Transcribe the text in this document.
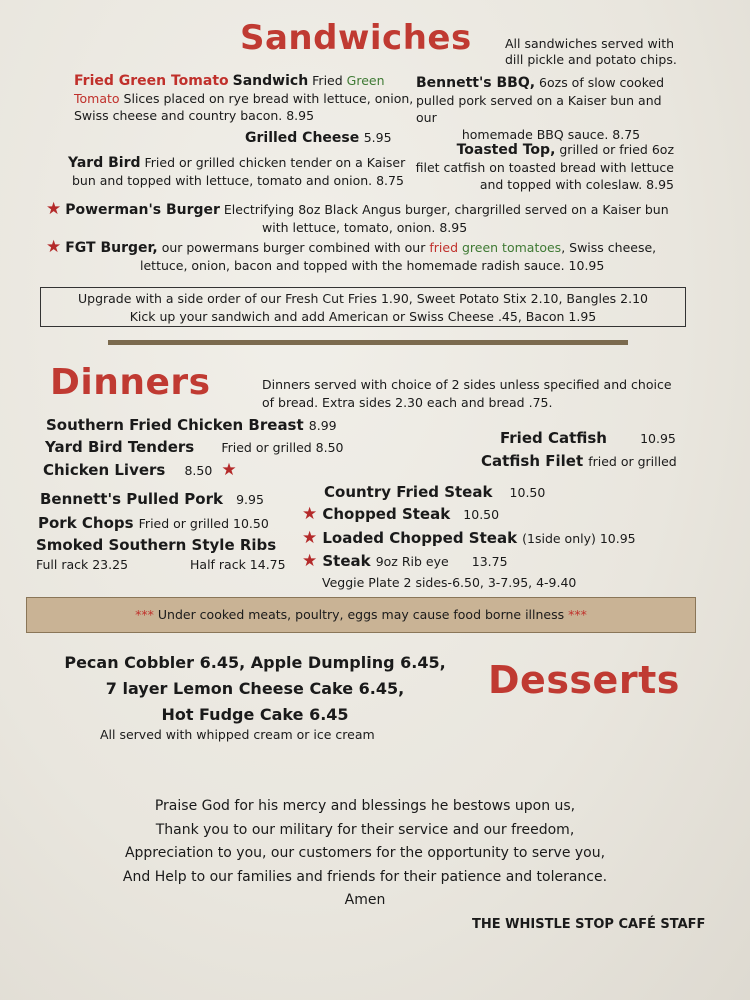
Sandwiches	All sandwiches served with
dill pickle and potato chips.
Fried Green Tomato Sandwich Fried Green
Tomato Slices placed on rye bread with lettuce, onion,
Swiss cheese and country bacon. 8.95
Bennett's BBQ, 6ozs of slow cooked
pulled pork served on a Kaiser bun and our
homemade BBQ sauce. 8.75
Grilled Cheese 5.95
Toasted Top, grilled or fried 6oz
filet catfish on toasted bread with lettuce
and topped with coleslaw. 8.95
Yard Bird Fried or grilled chicken tender on a Kaiser
bun and topped with lettuce, tomato and onion. 8.75
★ Powerman's Burger Electrifying 8oz Black Angus burger, chargrilled served on a Kaiser bun
with lettuce, tomato, onion. 8.95
★ FGT Burger, our powermans burger combined with our fried green tomatoes, Swiss cheese,
lettuce, onion, bacon and topped with the homemade radish sauce. 10.95
Upgrade with a side order of our Fresh Cut Fries 1.90, Sweet Potato Stix 2.10, Bangles 2.10
Kick up your sandwich and add American or Swiss Cheese .45, Bacon 1.95
Dinners	Dinners served with choice of 2 sides unless specified and choice
of bread. Extra sides 2.30 each and bread .75.
Southern Fried Chicken Breast 8.99
Yard Bird Tenders Fried or grilled 8.50
Chicken Livers 8.50 ★
Fried Catfish	10.95
Catfish Filet fried or grilled
Bennett's Pulled Pork 9.95
Pork Chops Fried or grilled 10.50
Smoked Southern Style Ribs
Full rack 23.25	Half rack 14.75
Country Fried Steak 10.50
★ Chopped Steak 10.50
★ Loaded Chopped Steak (1side only) 10.95
★ Steak 9oz Rib eye 13.75
Veggie Plate 2 sides-6.50, 3-7.95, 4-9.40
*** Under cooked meats, poultry, eggs may cause food borne illness ***
Pecan Cobbler 6.45, Apple Dumpling 6.45,
7 layer Lemon Cheese Cake 6.45,
Hot Fudge Cake 6.45
All served with whipped cream or ice cream
Desserts
Praise God for his mercy and blessings he bestows upon us,
Thank you to our military for their service and our freedom,
Appreciation to you, our customers for the opportunity to serve you,
And Help to our families and friends for their patience and tolerance.
Amen
THE WHISTLE STOP CAFÉ STAFF
